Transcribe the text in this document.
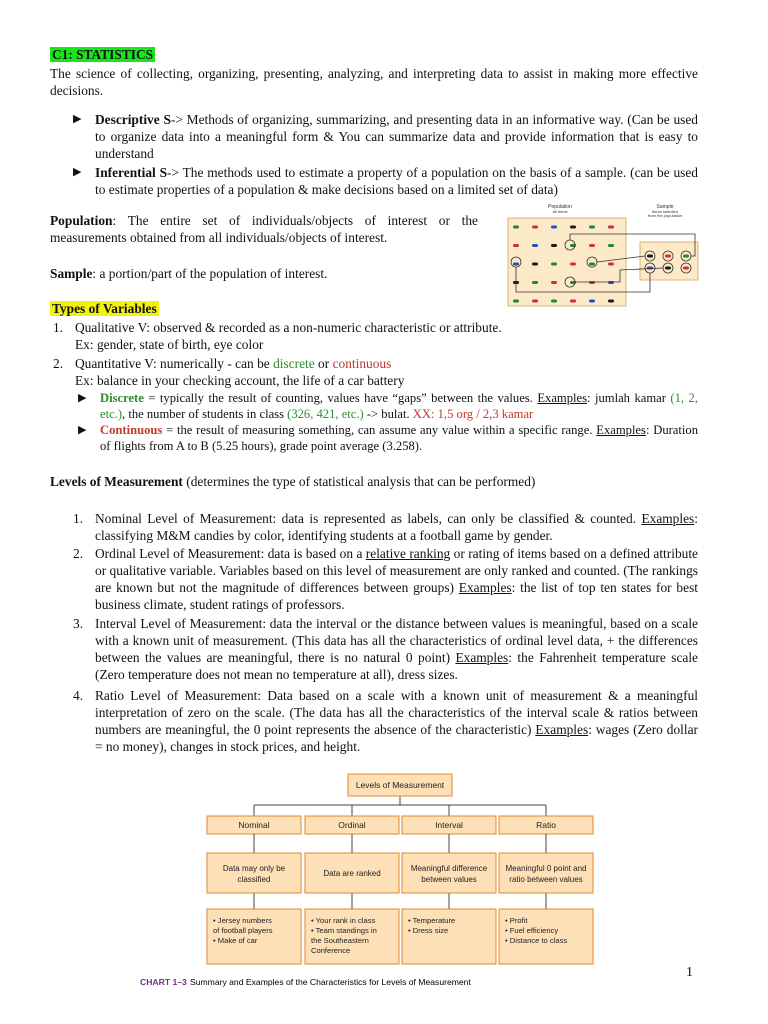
C1: STATISTICS
The science of collecting, organizing, presenting, analyzing, and interpreting data to assist in making more effective decisions.
▶ Descriptive S-> Methods of organizing, summarizing, and presenting data in an informative way. (Can be used to organize data into a meaningful form & You can summarize data and provide information that is easy to understand
▶ Inferential S-> The methods used to estimate a property of a population on the basis of a sample. (can be used to estimate properties of a population & make decisions based on a limited set of data)
Population: The entire set of individuals/objects of interest or the measurements obtained from all individuals/objects of interest.
Sample: a portion/part of the population of interest.
Population
All items
Sample
Items selected
from the population
Types of Variables
1. Qualitative V: observed & recorded as a non-numeric characteristic or attribute.
Ex: gender, state of birth, eye color
2. Quantitative V: numerically - can be discrete or continuous
Ex: balance in your checking account, the life of a car battery
▶ Discrete = typically the result of counting, values have “gaps” between the values. Examples: jumlah kamar (1, 2, etc.), the number of students in class (326, 421, etc.) -> bulat. XX: 1,5 org / 2,3 kamar
▶ Continuous = the result of measuring something, can assume any value within a specific range. Examples: Duration of flights from A to B (5.25 hours), grade point average (3.258).
Levels of Measurement (determines the type of statistical analysis that can be performed)
1. Nominal Level of Measurement: data is represented as labels, can only be classified & counted. Examples: classifying M&M candies by color, identifying students at a football game by gender.
2. Ordinal Level of Measurement: data is based on a relative ranking or rating of items based on a defined attribute or qualitative variable. Variables based on this level of measurement are only ranked and counted. (The rankings are known but not the magnitude of differences between groups) Examples: the list of top ten states for best business climate, student ratings of professors.
3. Interval Level of Measurement: data the interval or the distance between values is meaningful, based on a scale with a known unit of measurement. (This data has all the characteristics of ordinal level data, + the differences between the values are meaningful, there is no natural 0 point) Examples: the Fahrenheit temperature scale (Zero temperature does not mean no temperature at all), dress sizes.
4. Ratio Level of Measurement: Data based on a scale with a known unit of measurement & a meaningful interpretation of zero on the scale. (The data has all the characteristics of the interval scale & ratios between numbers are meaningful, the 0 point represents the absence of the characteristic) Examples: wages (Zero dollar = no money), changes in stock prices, and height.
Levels of Measurement
Nominal
Data may only be
classified
• Jersey numbers
of football players
• Make of car
Ordinal
Data are ranked
• Your rank in class
• Team standings in
the Southeastern
Conference
Interval
Meaningful difference
between values
• Temperature
• Dress size
Ratio
Meaningful 0 point and
ratio between values
• Profit
• Fuel efficiency
• Distance to class
CHART 1–3 Summary and Examples of the Characteristics for Levels of Measurement
1
